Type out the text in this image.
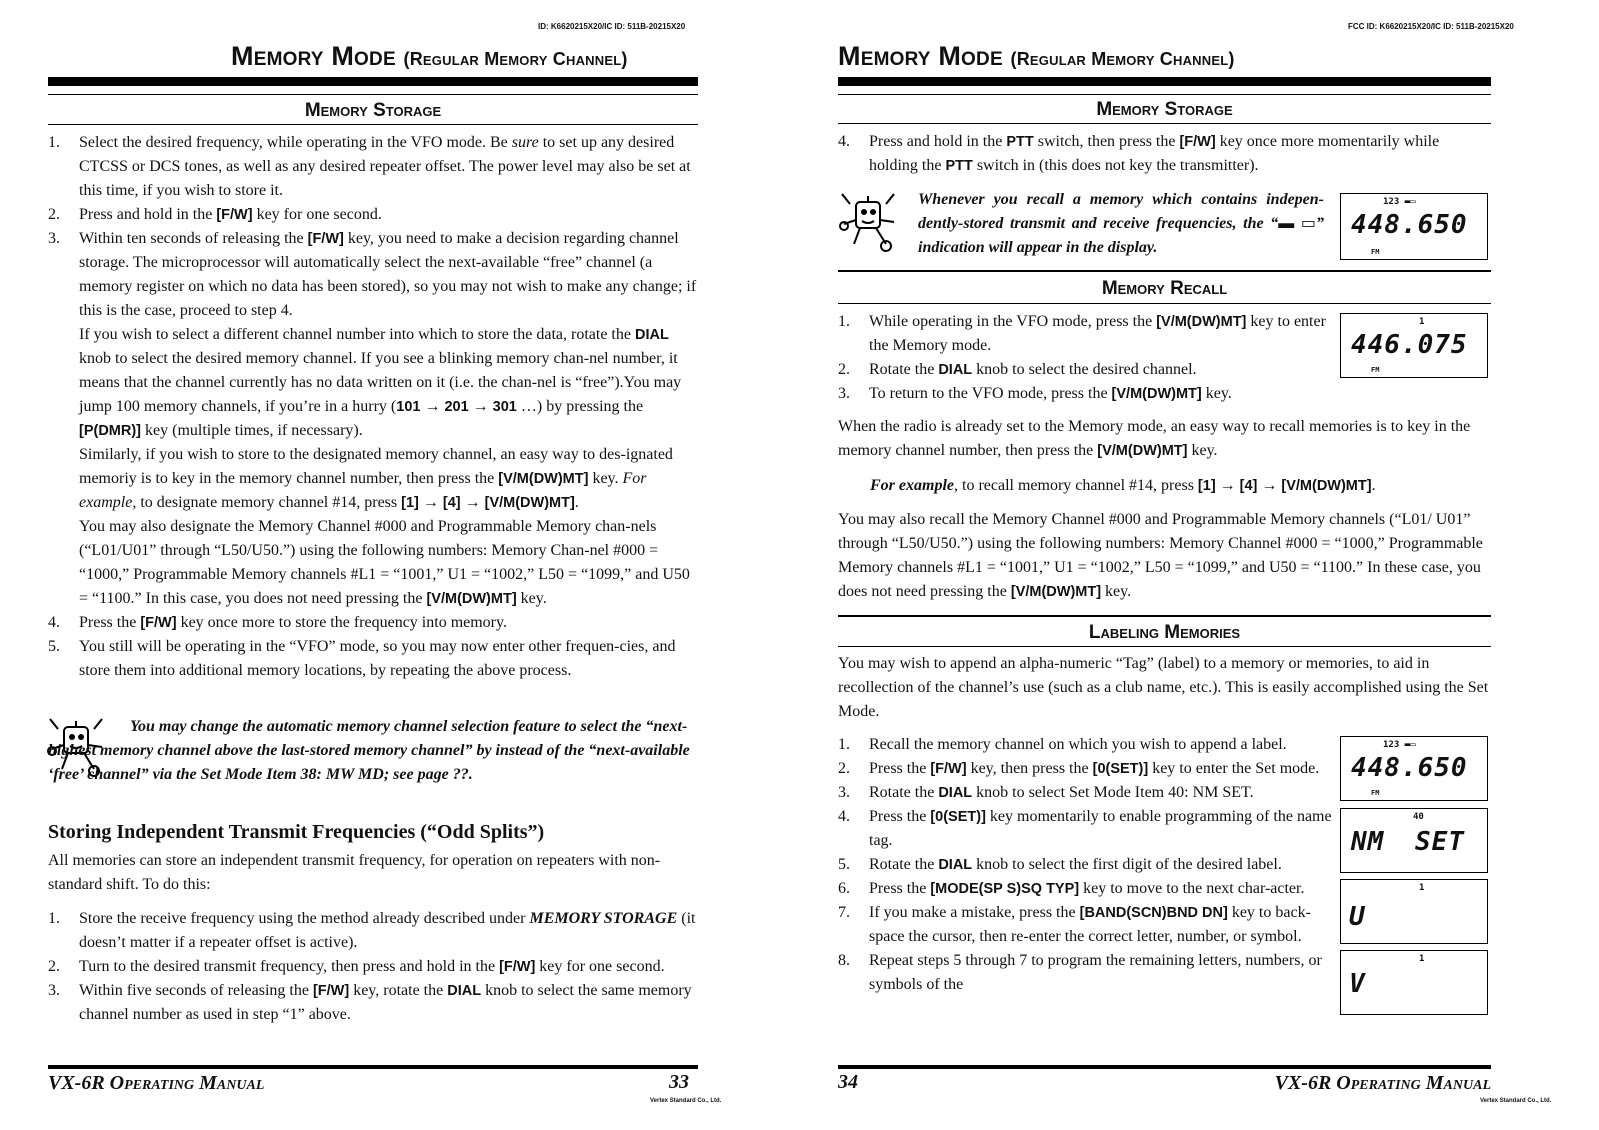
ID: K6620215X20/IC ID: 511B-20215X20
Memory Mode (Regular Memory Channel)
Memory Storage
1. Select the desired frequency, while operating in the VFO mode. Be sure to set up any desired CTCSS or DCS tones, as well as any desired repeater offset. The power level may also be set at this time, if you wish to store it.
2. Press and hold in the [F/W] key for one second.
3. Within ten seconds of releasing the [F/W] key, you need to make a decision regarding channel storage. The microprocessor will automatically select the next-available “free” channel (a memory register on which no data has been stored), so you may not wish to make any change; if this is the case, proceed to step 4.
If you wish to select a different channel number into which to store the data, rotate the DIAL knob to select the desired memory channel. If you see a blinking memory chan-nel number, it means that the channel currently has no data written on it (i.e. the chan-nel is “free”).You may jump 100 memory channels, if you’re in a hurry (101 → 201 → 301 …) by pressing the [P(DMR)] key (multiple times, if necessary).
Similarly, if you wish to store to the designated memory channel, an easy way to des-ignated memoriy is to key in the memory channel number, then press the [V/M(DW)MT] key. For example, to designate memory channel #14, press [1] → [4] → [V/M(DW)MT].
You may also designate the Memory Channel #000 and Programmable Memory chan-nels (“L01/U01” through “L50/U50.”) using the following numbers: Memory Chan-nel #000 = “1000,” Programmable Memory channels #L1 = “1001,” U1 = “1002,” L50 = “1099,” and U50 = “1100.” In this case, you does not need pressing the [V/M(DW)MT] key.
4. Press the [F/W] key once more to store the frequency into memory.
5. You still will be operating in the “VFO” mode, so you may now enter other frequen-cies, and store them into additional memory locations, by repeating the above process.
You may change the automatic memory channel selection feature to select the “next-highest memory channel above the last-stored memory channel” by instead of the “next-available ‘free’ channel” via the Set Mode Item 38: MW MD; see page ??.
Storing Independent Transmit Frequencies (“Odd Splits”)
All memories can store an independent transmit frequency, for operation on repeaters with non-standard shift. To do this:
1. Store the receive frequency using the method already described under MEMORY STORAGE (it doesn’t matter if a repeater offset is active).
2. Turn to the desired transmit frequency, then press and hold in the [F/W] key for one second.
3. Within five seconds of releasing the [F/W] key, rotate the DIAL knob to select the same memory channel number as used in step “1” above.
VX-6R Operating Manual	33
Vertex Standard Co., Ltd.
FCC ID: K6620215X20/IC ID: 511B-20215X20
Memory Mode (Regular Memory Channel)
Memory Storage
4. Press and hold in the PTT switch, then press the [F/W] key once more momentarily while holding the PTT switch in (this does not key the transmitter).
Whenever you recall a memory which contains indepen-dently-stored transmit and receive frequencies, the “▬ ▭” indication will appear in the display.
123 ▬▭
448.650
FM
Memory Recall
1. While operating in the VFO mode, press the [V/M(DW)MT] key to enter the Memory mode.
2. Rotate the DIAL knob to select the desired channel.
3. To return to the VFO mode, press the [V/M(DW)MT] key.
1
446.075
FM
When the radio is already set to the Memory mode, an easy way to recall memories is to key in the memory channel number, then press the [V/M(DW)MT] key.
For example, to recall memory channel #14, press [1] → [4] → [V/M(DW)MT].
You may also recall the Memory Channel #000 and Programmable Memory channels (“L01/ U01” through “L50/U50.”) using the following numbers: Memory Channel #000 = “1000,” Programmable Memory channels #L1 = “1001,” U1 = “1002,” L50 = “1099,” and U50 = “1100.” In these case, you does not need pressing the [V/M(DW)MT] key.
Labeling Memories
You may wish to append an alpha-numeric “Tag” (label) to a memory or memories, to aid in recollection of the channel’s use (such as a club name, etc.). This is easily accomplished using the Set Mode.
1. Recall the memory channel on which you wish to append a label.
2. Press the [F/W] key, then press the [0(SET)] key to enter the Set mode.
3. Rotate the DIAL knob to select Set Mode Item 40: NM SET.
4. Press the [0(SET)] key momentarily to enable programming of the name tag.
5. Rotate the DIAL knob to select the first digit of the desired label.
6. Press the [MODE(SP S)SQ TYP] key to move to the next char-acter.
7. If you make a mistake, press the [BAND(SCN)BND DN] key to back-space the cursor, then re-enter the correct letter, number, or symbol.
8. Repeat steps 5 through 7 to program the remaining letters, numbers, or symbols of the
123 ▬▭
448.650
FM
40
NM SET
1
U
1
V
34	VX-6R Operating Manual
Vertex Standard Co., Ltd.
